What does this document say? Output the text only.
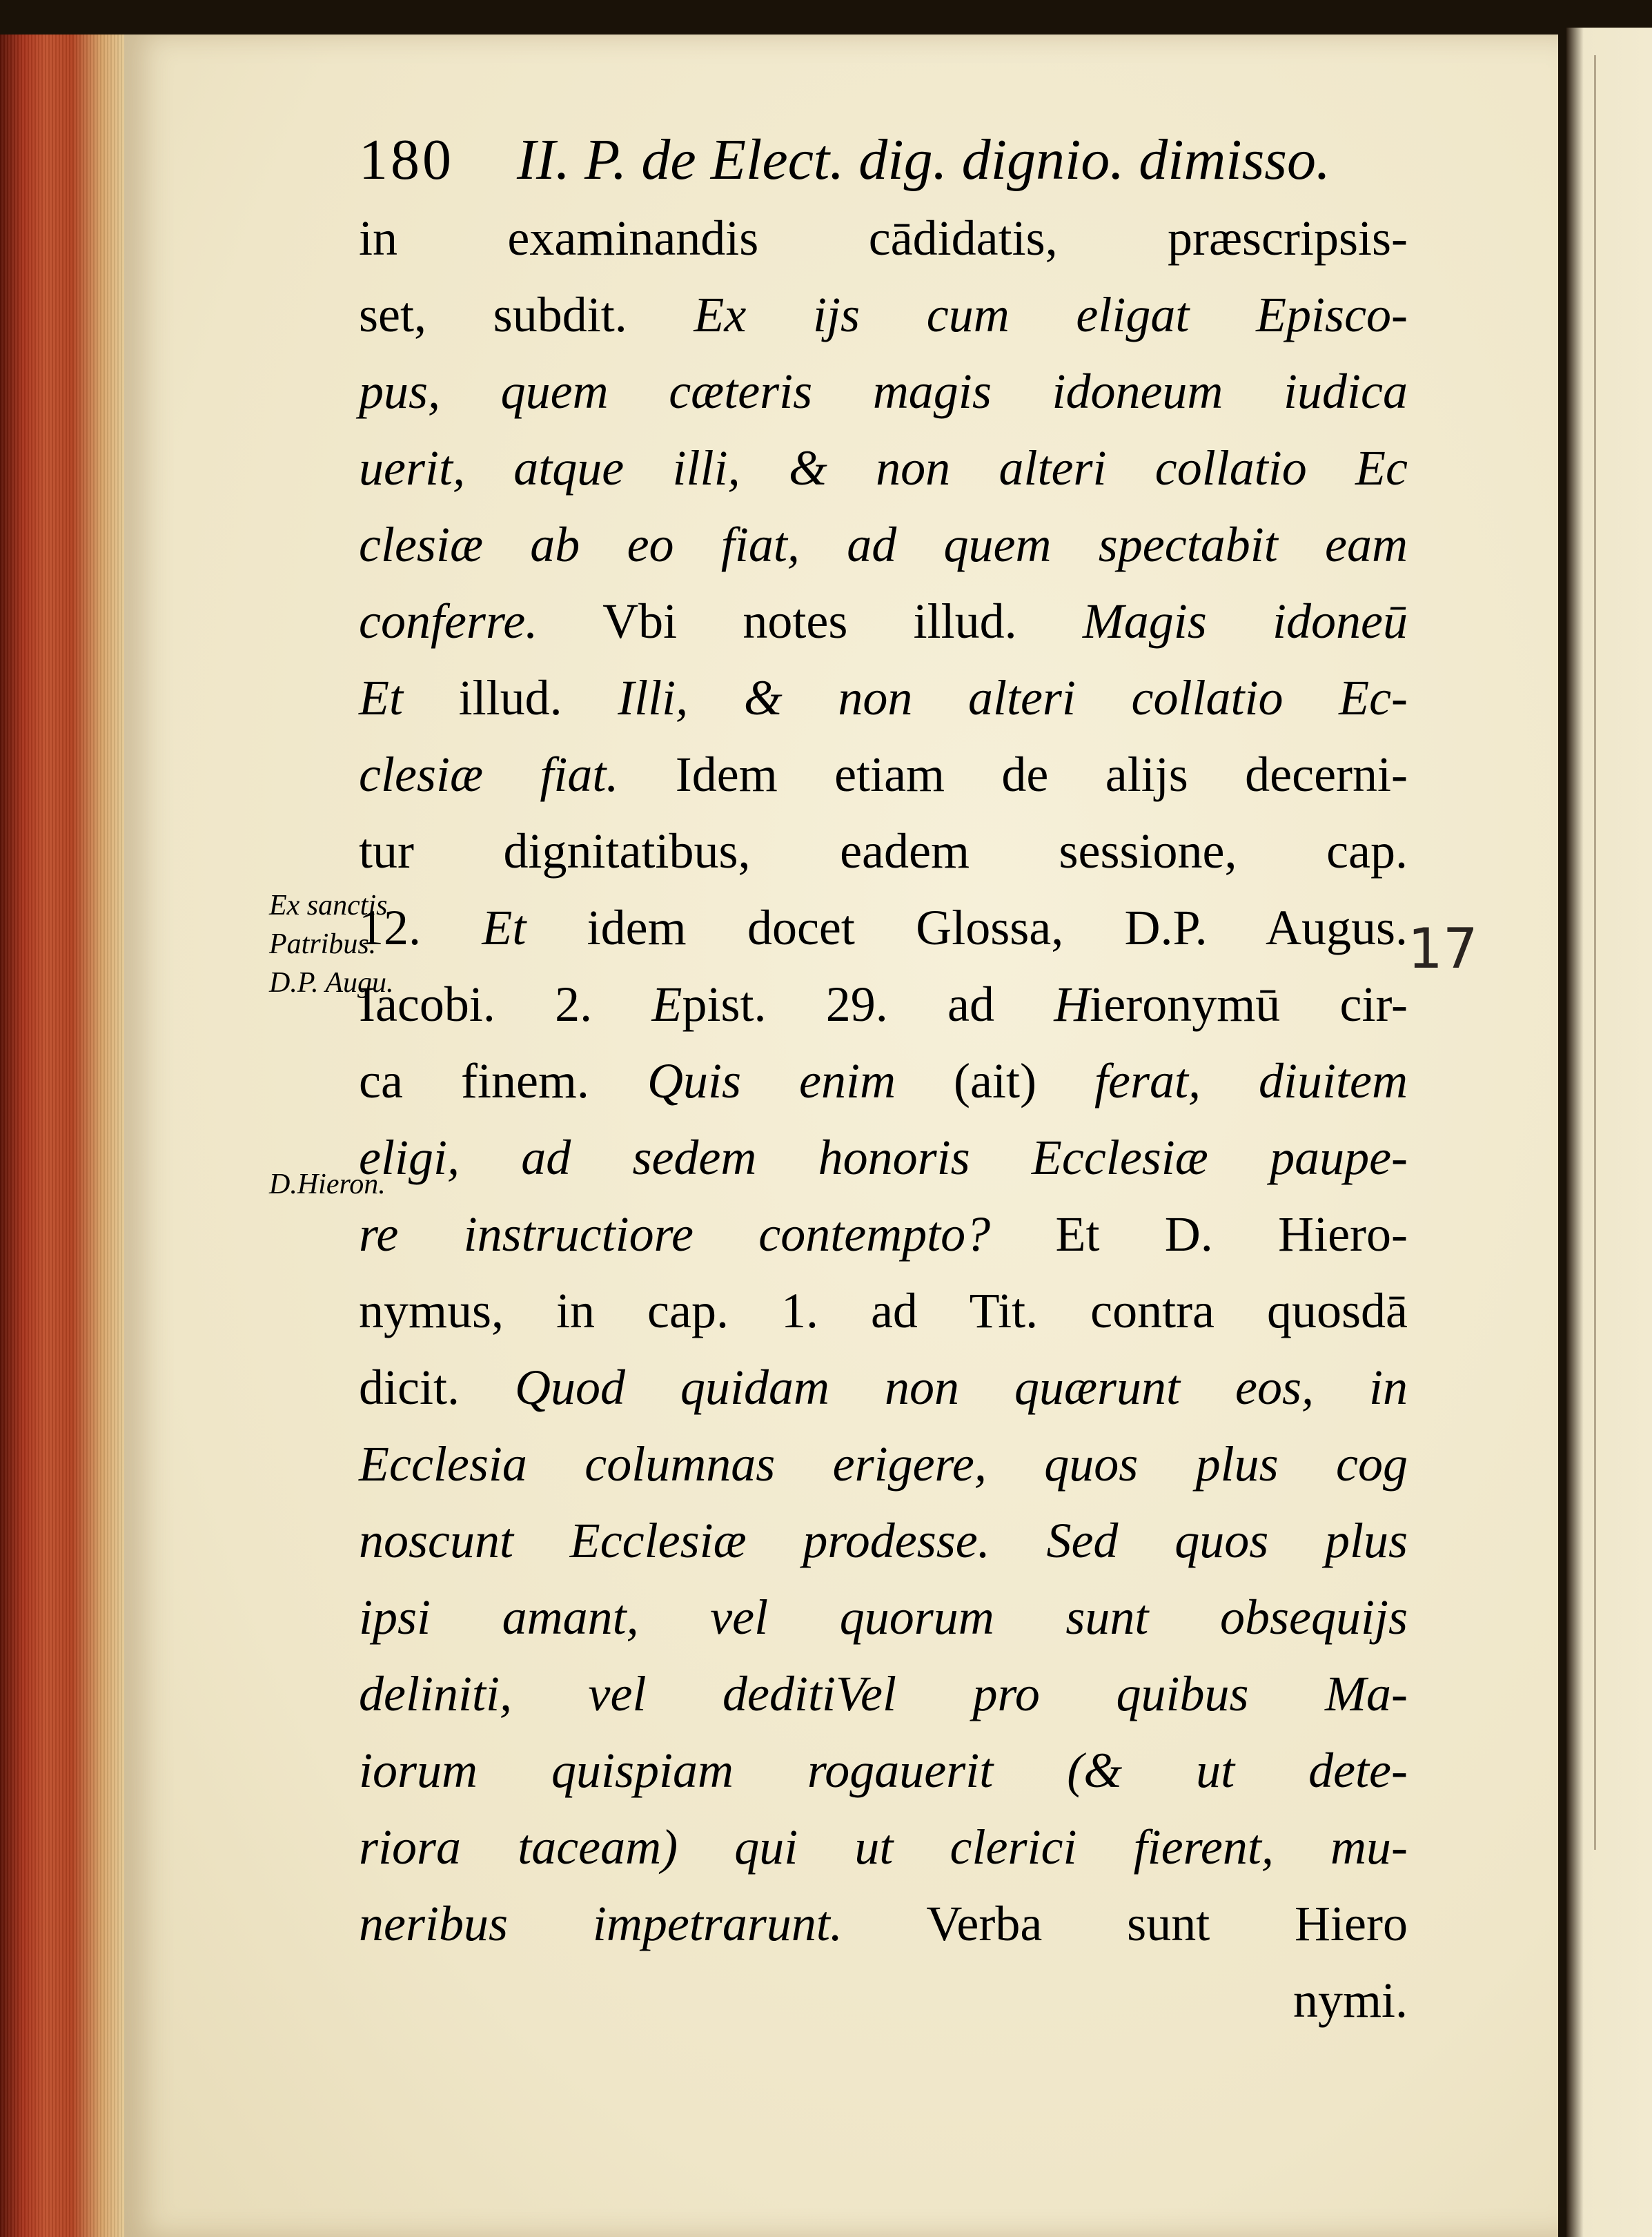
180 II. P. de Elect. dig. dignio. dimisso.
Ex sanctis
Patribus.
D.P. Augu.
D.Hieron.
17
in examinandis cādidatis, præscripsis-
set, subdit. Ex ijs cum eligat Episco-
pus, quem cæteris magis idoneum iudica
uerit, atque illi, & non alteri collatio Ec
clesiæ ab eo fiat, ad quem spectabit eam
conferre. Vbi notes illud. Magis idoneū
Et illud. Illi, & non alteri collatio Ec-
clesiæ fiat. Idem etiam de alijs decerni-
tur dignitatibus, eadem sessione, cap.
12. Et idem docet Glossa, D.P. Augus.
Iacobi. 2. Epist. 29. ad Hieronymū cir-
ca finem. Quis enim (ait) ferat, diuitem
eligi, ad sedem honoris Ecclesiæ paupe-
re instructiore contempto? Et D. Hiero-
nymus, in cap. 1. ad Tit. contra quosdā
dicit. Quod quidam non quærunt eos, in
Ecclesia columnas erigere, quos plus cog
noscunt Ecclesiæ prodesse. Sed quos plus
ipsi amant, vel quorum sunt obsequijs
deliniti, vel deditiVel pro quibus Ma-
iorum quispiam rogauerit (& ut dete-
riora taceam) qui ut clerici fierent, mu-
neribus impetrarunt. Verba sunt Hiero
nymi.
